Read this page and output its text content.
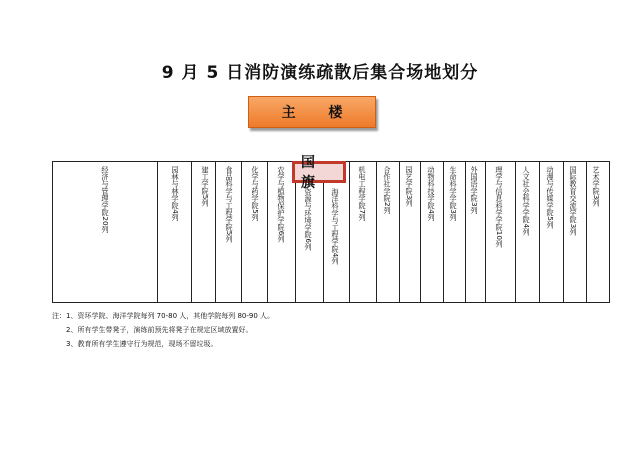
9 月 5 日消防演练疏散后集合场地划分
主 楼
经济与管理学院20列	园林与林学院4列	建工学院5列 食品科学与工程学院5列 化学与药学院5列 农学与植物保护学院6列	资源与环境学院6列	海洋科学与工程学院4列	机电工程学院7列 合作社学院2列 园艺学院3列 动物科技学院4列 生命科学学院3列 外国语学院3列 理学与信息科学学院10列	人文社会科学学院4列 动漫与传媒学院5列 国际教育交流学院3列 艺术学院3列
国 旗
注：1、资环学院、海洋学院每列 70-80 人，其他学院每列 80-90 人。
2、所有学生带凳子，演练前预先将凳子在规定区域放置好。
3、教育所有学生遵守行为规范，现场不留垃圾。
